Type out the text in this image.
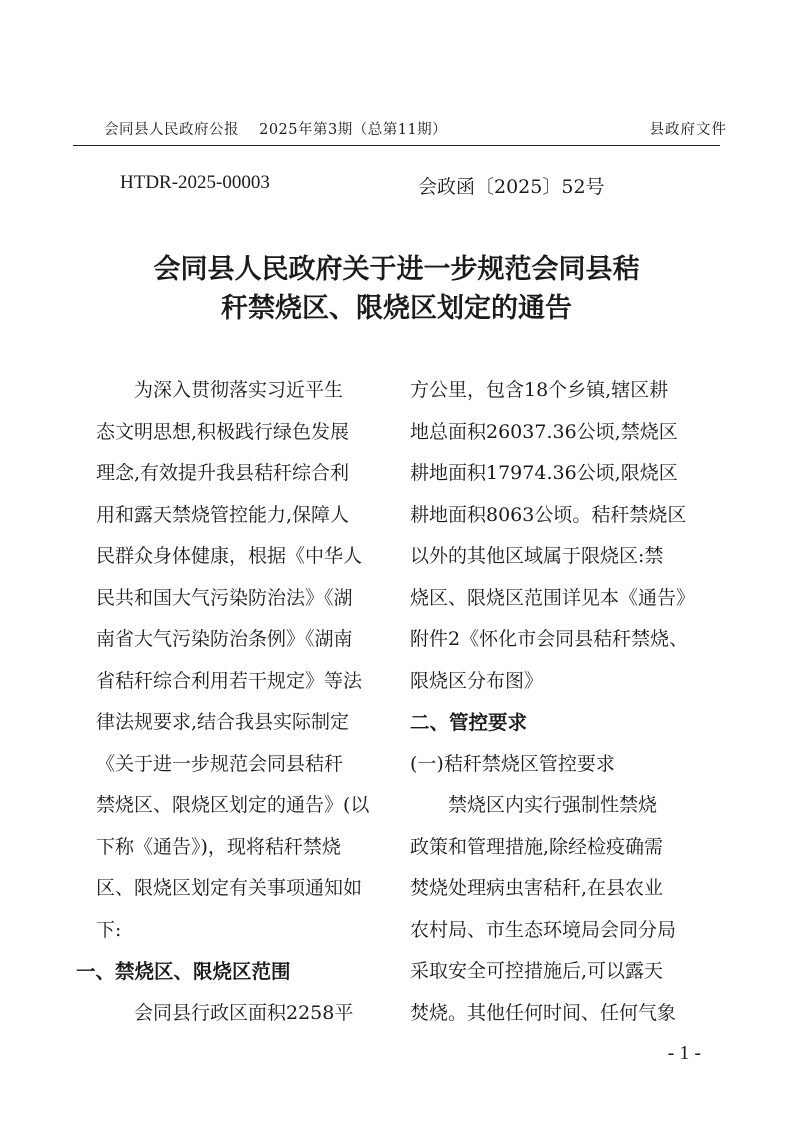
会同县人民政府公报　 2025年第3期（总第11期）	县政府文件
HTDR-2025-00003	会政函〔2025〕52号
会同县人民政府关于进一步规范会同县秸
秆禁烧区、限烧区划定的通告
　　为深入贯彻落实习近平生
态文明思想,积极践行绿色发展
理念,有效提升我县秸秆综合利
用和露天禁烧管控能力,保障人
民群众身体健康，根据《中华人
民共和国大气污染防治法》《湖
南省大气污染防治条例》《湖南
省秸秆综合利用若干规定》等法
律法规要求,结合我县实际制定
《关于进一步规范会同县秸秆
禁烧区、限烧区划定的通告》(以
下称《通告》)，现将秸秆禁烧
区、限烧区划定有关事项通知如
下:
一、禁烧区、限烧区范围
　　会同县行政区面积2258平
方公里，包含18个乡镇,辖区耕
地总面积26037.36公顷,禁烧区
耕地面积17974.36公顷,限烧区
耕地面积8063公顷。秸秆禁烧区
以外的其他区域属于限烧区:禁
烧区、限烧区范围详见本《通告》
附件2《怀化市会同县秸秆禁烧、
限烧区分布图》
二、管控要求
(一)秸秆禁烧区管控要求
　　禁烧区内实行强制性禁烧
政策和管理措施,除经检疫确需
焚烧处理病虫害秸秆,在县农业
农村局、市生态环境局会同分局
采取安全可控措施后,可以露天
焚烧。其他任何时间、任何气象
- 1 -
